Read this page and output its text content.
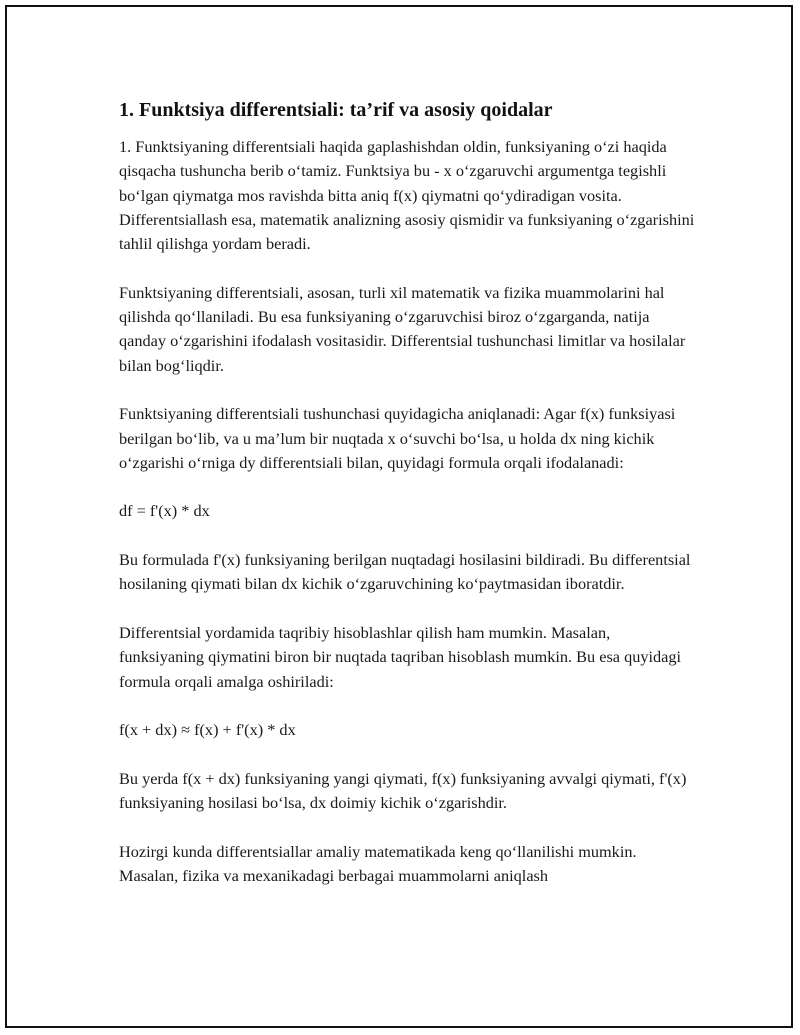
1. Funktsiya differentsiali: ta’rif va asosiy qoidalar

1. Funktsiyaning differentsiali haqida gaplashishdan oldin, funksiyaning o‘zi haqida qisqacha tushuncha berib o‘tamiz. Funktsiya bu - x o‘zgaruvchi argumentga tegishli bo‘lgan qiymatga mos ravishda bitta aniq f(x) qiymatni qo‘ydiradigan vosita. Differentsiallash esa, matematik analizning asosiy qismidir va funksiyaning o‘zgarishini tahlil qilishga yordam beradi.

Funktsiyaning differentsiali, asosan, turli xil matematik va fizika muammolarini hal qilishda qo‘llaniladi. Bu esa funksiyaning o‘zgaruvchisi biroz o‘zgarganda, natija qanday o‘zgarishini ifodalash vositasidir. Differentsial tushunchasi limitlar va hosilalar bilan bog‘liqdir.

Funktsiyaning differentsiali tushunchasi quyidagicha aniqlanadi: Agar f(x) funksiyasi berilgan bo‘lib, va u ma’lum bir nuqtada x o‘suvchi bo‘lsa, u holda dx ning kichik o‘zgarishi o‘rniga dy differentsiali bilan, quyidagi formula orqali ifodalanadi:

df = f'(x) * dx

Bu formulada f'(x) funksiyaning berilgan nuqtadagi hosilasini bildiradi. Bu differentsial hosilaning qiymati bilan dx kichik o‘zgaruvchining ko‘paytmasidan iboratdir.

Differentsial yordamida taqribiy hisoblashlar qilish ham mumkin. Masalan, funksiyaning qiymatini biron bir nuqtada taqriban hisoblash mumkin. Bu esa quyidagi formula orqali amalga oshiriladi:

f(x + dx) ≈ f(x) + f'(x) * dx

Bu yerda f(x + dx) funksiyaning yangi qiymati, f(x) funksiyaning avvalgi qiymati, f'(x) funksiyaning hosilasi bo‘lsa, dx doimiy kichik o‘zgarishdir.

Hozirgi kunda differentsiallar amaliy matematikada keng qo‘llanilishi mumkin. Masalan, fizika va mexanikadagi berbagai muammolarni aniqlash
